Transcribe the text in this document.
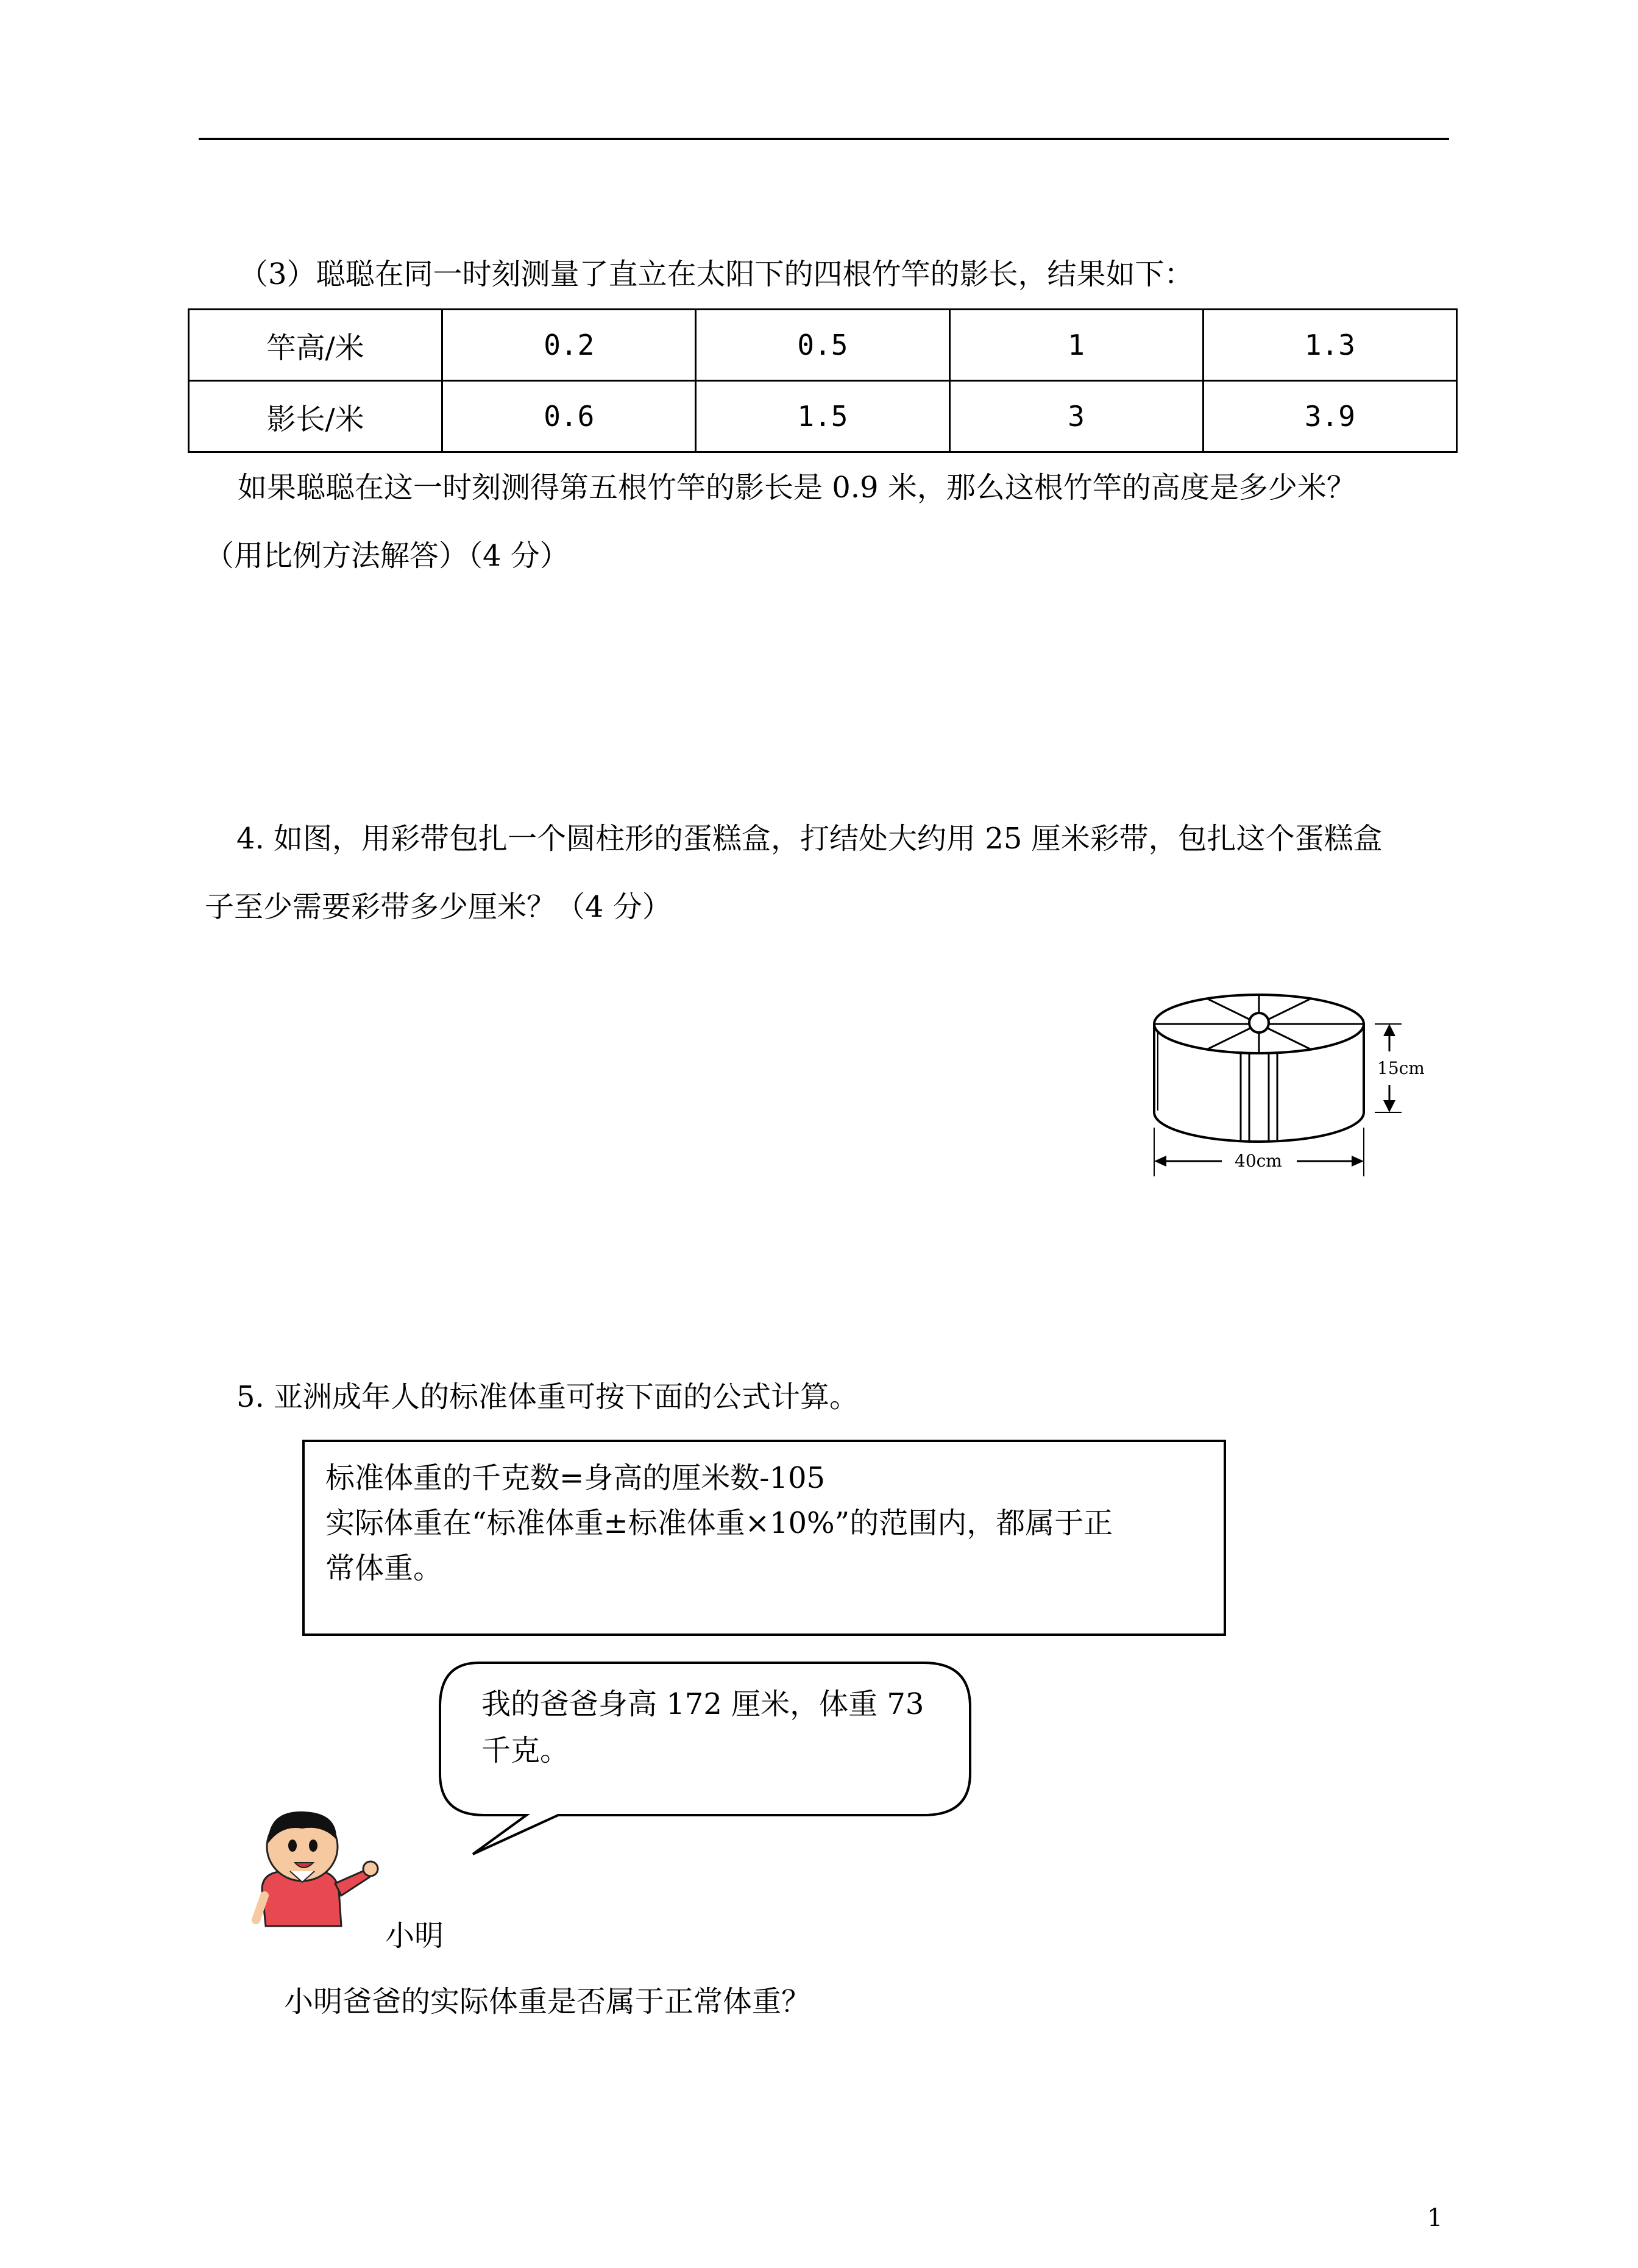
（3）聪聪在同一时刻测量了直立在太阳下的四根竹竿的影长，结果如下：
竿高/米	0.2	0.5	1	1.3
影长/米	0.6	1.5	3	3.9
如果聪聪在这一时刻测得第五根竹竿的影长是 0.9 米，那么这根竹竿的高度是多少米？
（用比例方法解答）（4 分）
4. 如图，用彩带包扎一个圆柱形的蛋糕盒，打结处大约用 25 厘米彩带，包扎这个蛋糕盒
子至少需要彩带多少厘米？（4 分）
15cm
40cm
5. 亚洲成年人的标准体重可按下面的公式计算。
标准体重的千克数=身高的厘米数-105
实际体重在“标准体重±标准体重×10%”的范围内，都属于正
常体重。
我的爸爸身高 172 厘米，体重 73
千克。
小明
小明爸爸的实际体重是否属于正常体重？
1
